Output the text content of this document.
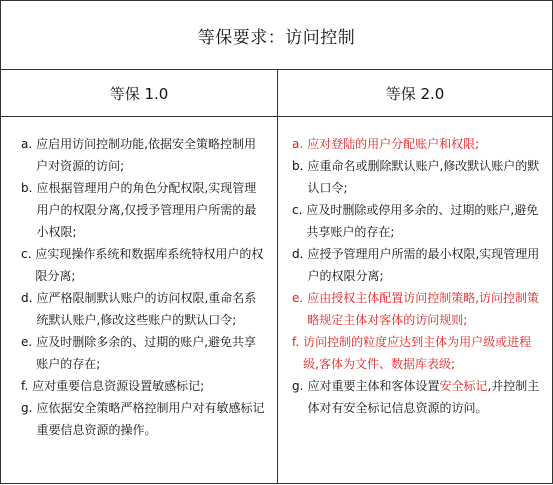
等保要求：访问控制
等保 1.0	等保 2.0
a. 应启用访问控制功能,依据安全策略控制用户对资源的访问;
b. 应根据管理用户的角色分配权限,实现管理用户的权限分离,仅授予管理用户所需的最小权限;
c. 应实现操作系统和数据库系统特权用户的权限分离;
d. 应严格限制默认账户的访问权限,重命名系统默认账户,修改这些账户的默认口令;
e. 应及时删除多余的、过期的账户,避免共享账户的存在;
f. 应对重要信息资源设置敏感标记;
g. 应依据安全策略严格控制用户对有敏感标记重要信息资源的操作。
a. 应对登陆的用户分配账户和权限;
b. 应重命名或删除默认账户,修改默认账户的默认口令;
c. 应及时删除或停用多余的、过期的账户,避免共享账户的存在;
d. 应授予管理用户所需的最小权限,实现管理用户的权限分离;
e. 应由授权主体配置访问控制策略,访问控制策略规定主体对客体的访问规则;
f. 访问控制的粒度应达到主体为用户级或进程级,客体为文件、数据库表级;
g. 应对重要主体和客体设置安全标记,并控制主体对有安全标记信息资源的访问。
